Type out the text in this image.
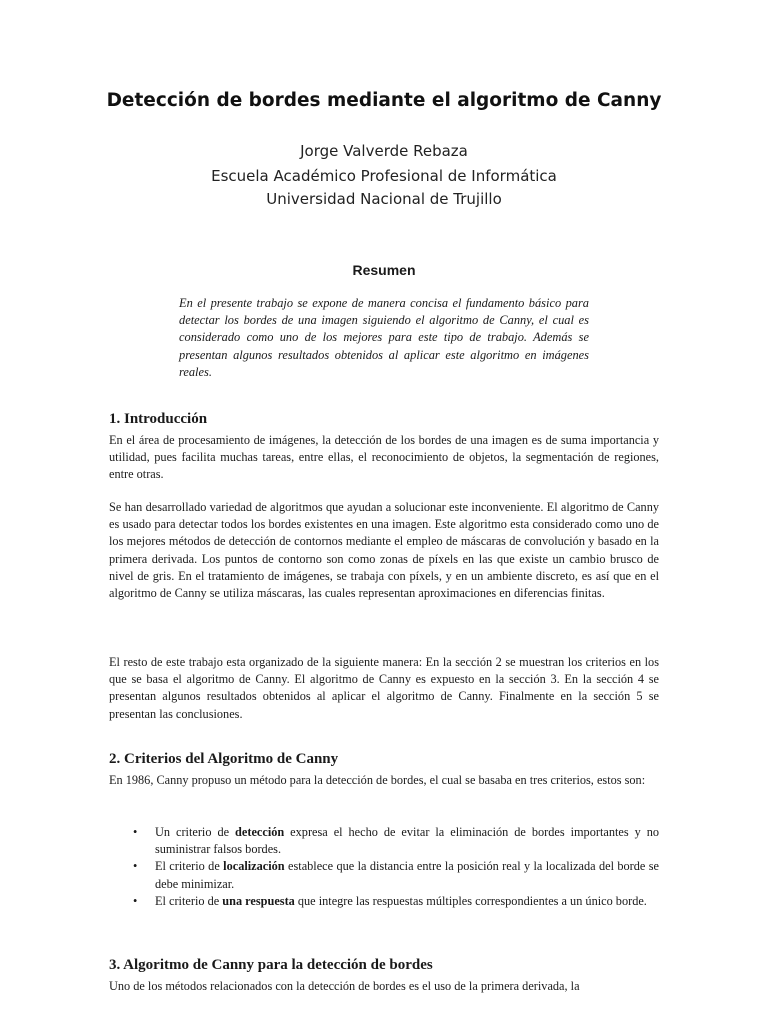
Detección de bordes mediante el algoritmo de Canny
Jorge Valverde Rebaza
Escuela Académico Profesional de Informática
Universidad Nacional de Trujillo
Resumen

En el presente trabajo se expone de manera concisa el fundamento básico para detectar los bordes de una imagen siguiendo el algoritmo de Canny, el cual es considerado como uno de los mejores para este tipo de trabajo. Además se presentan algunos resultados obtenidos al aplicar este algoritmo en imágenes reales.

1. Introducción

En el área de procesamiento de imágenes, la detección de los bordes de una imagen es de suma importancia y utilidad, pues facilita muchas tareas, entre ellas, el reconocimiento de objetos, la segmentación de regiones, entre otras.

Se han desarrollado variedad de algoritmos que ayudan a solucionar este inconveniente. El algoritmo de Canny es usado para detectar todos los bordes existentes en una imagen. Este algoritmo esta considerado como uno de los mejores métodos de detección de contornos mediante el empleo de máscaras de convolución y basado en la primera derivada. Los puntos de contorno son como zonas de píxels en las que existe un cambio brusco de nivel de gris. En el tratamiento de imágenes, se trabaja con píxels, y en un ambiente discreto, es así que en el algoritmo de Canny se utiliza máscaras, las cuales representan aproximaciones en diferencias finitas.

El resto de este trabajo esta organizado de la siguiente manera: En la sección 2 se muestran los criterios en los que se basa el algoritmo de Canny. El algoritmo de Canny es expuesto en la sección 3. En la sección 4 se presentan algunos resultados obtenidos al aplicar el algoritmo de Canny. Finalmente en la sección 5 se presentan las conclusiones.

2. Criterios del Algoritmo de Canny

En 1986, Canny propuso un método para la detección de bordes, el cual se basaba en tres criterios, estos son:

• Un criterio de detección expresa el hecho de evitar la eliminación de bordes importantes y no suministrar falsos bordes.
• El criterio de localización establece que la distancia entre la posición real y la localizada del borde se debe minimizar.
• El criterio de una respuesta que integre las respuestas múltiples correspondientes a un único borde.
3. Algoritmo de Canny para la detección de bordes

Uno de los métodos relacionados con la detección de bordes es el uso de la primera derivada, la
